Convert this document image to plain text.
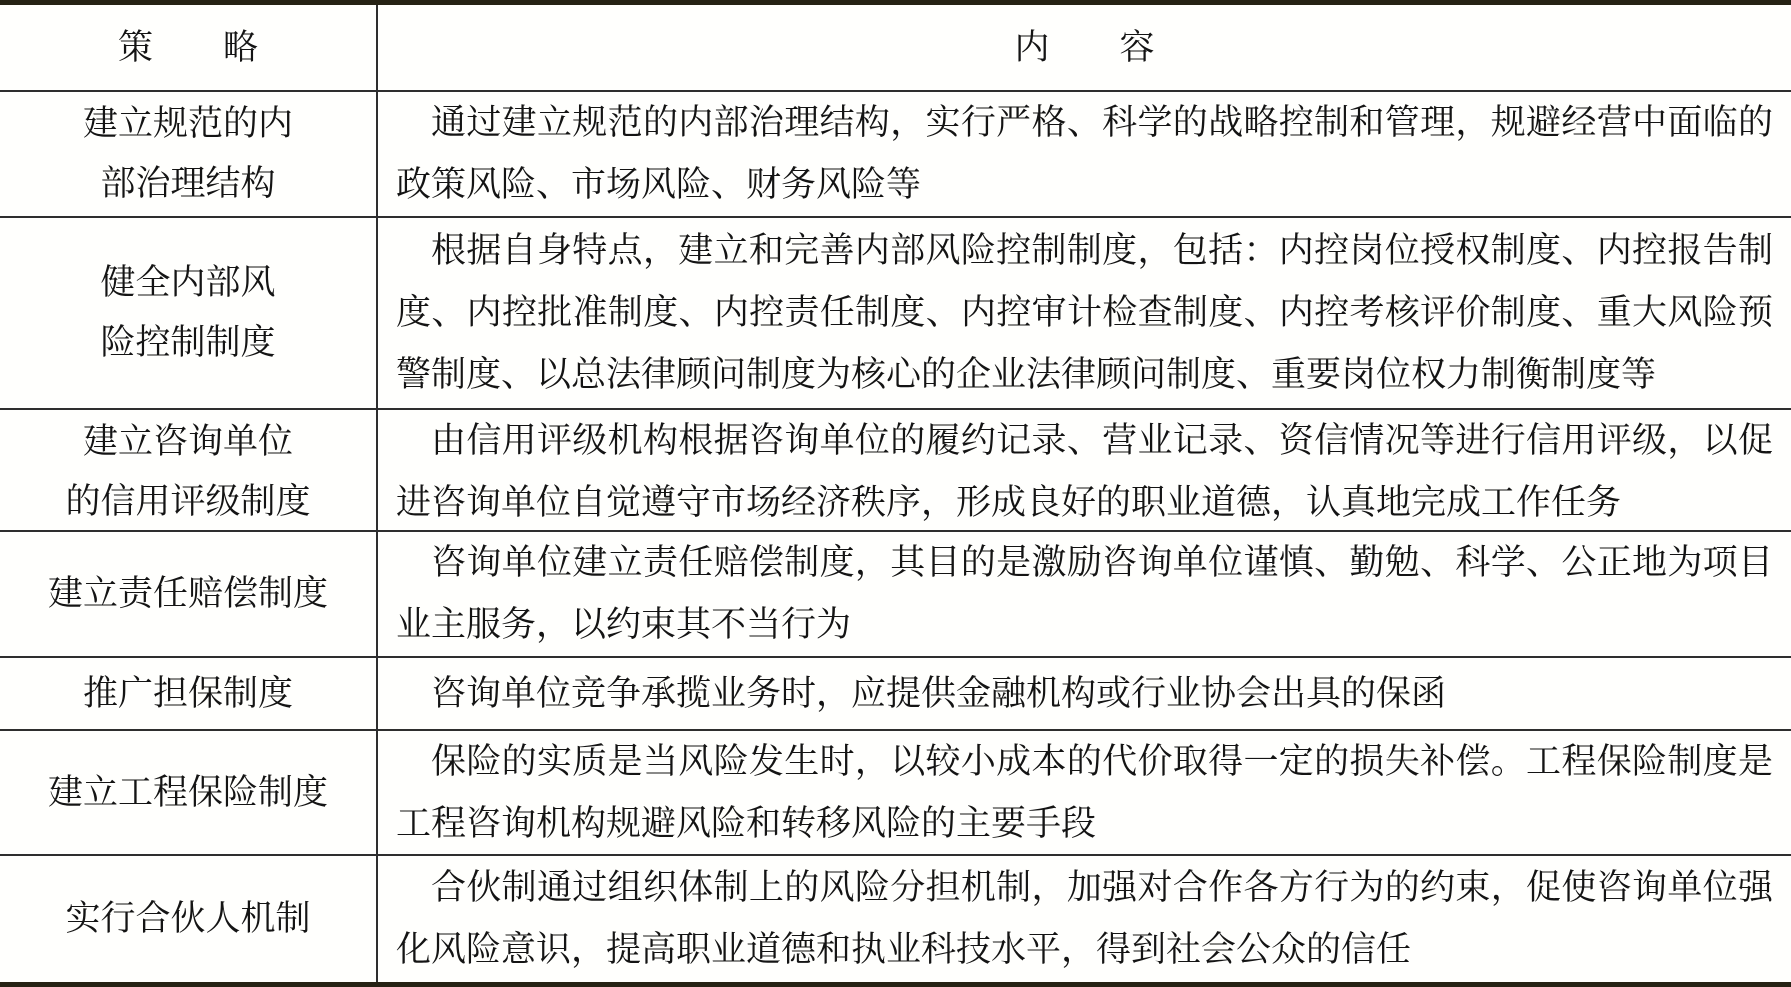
策　　略	内　　容
建立规范的内
部治理结构

通过建立规范的内部治理结构，实行严格、科学的战略控制和管理，规避经营中面临的政策风险、市场风险、财务风险等

健全内部风
险控制制度

根据自身特点，建立和完善内部风险控制制度，包括：内控岗位授权制度、内控报告制度、内控批准制度、内控责任制度、内控审计检查制度、内控考核评价制度、重大风险预警制度、以总法律顾问制度为核心的企业法律顾问制度、重要岗位权力制衡制度等

建立咨询单位
的信用评级制度

由信用评级机构根据咨询单位的履约记录、营业记录、资信情况等进行信用评级，以促进咨询单位自觉遵守市场经济秩序，形成良好的职业道德，认真地完成工作任务

建立责任赔偿制度

咨询单位建立责任赔偿制度，其目的是激励咨询单位谨慎、勤勉、科学、公正地为项目业主服务，以约束其不当行为

推广担保制度	咨询单位竞争承揽业务时，应提供金融机构或行业协会出具的保函

建立工程保险制度

保险的实质是当风险发生时，以较小成本的代价取得一定的损失补偿。工程保险制度是工程咨询机构规避风险和转移风险的主要手段

实行合伙人机制

合伙制通过组织体制上的风险分担机制，加强对合作各方行为的约束，促使咨询单位强化风险意识，提高职业道德和执业科技水平，得到社会公众的信任
